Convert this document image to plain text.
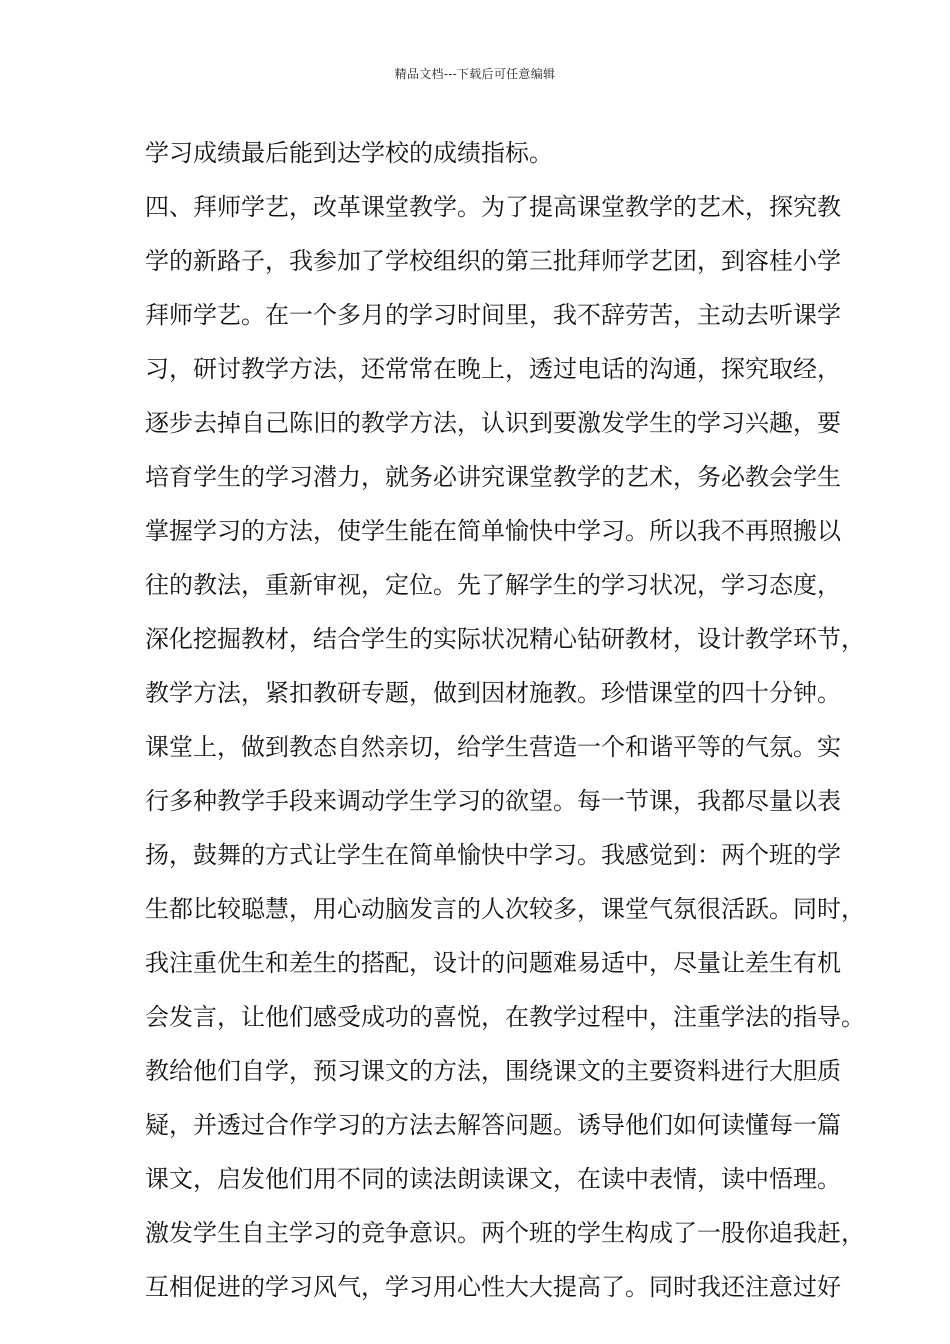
精品文档---下载后可任意编辑
学习成绩最后能到达学校的成绩指标。
四、拜师学艺，改革课堂教学。为了提高课堂教学的艺术，探究教
学的新路子，我参加了学校组织的第三批拜师学艺团，到容桂小学
拜师学艺。在一个多月的学习时间里，我不辞劳苦，主动去听课学
习，研讨教学方法，还常常在晚上，透过电话的沟通，探究取经，
逐步去掉自己陈旧的教学方法，认识到要激发学生的学习兴趣，要
培育学生的学习潜力，就务必讲究课堂教学的艺术，务必教会学生
掌握学习的方法，使学生能在简单愉快中学习。所以我不再照搬以
往的教法，重新审视，定位。先了解学生的学习状况，学习态度，
深化挖掘教材，结合学生的实际状况精心钻研教材，设计教学环节，
教学方法，紧扣教研专题，做到因材施教。珍惜课堂的四十分钟。
课堂上，做到教态自然亲切，给学生营造一个和谐平等的气氛。实
行多种教学手段来调动学生学习的欲望。每一节课，我都尽量以表
扬，鼓舞的方式让学生在简单愉快中学习。我感觉到：两个班的学
生都比较聪慧，用心动脑发言的人次较多，课堂气氛很活跃。同时，
我注重优生和差生的搭配，设计的问题难易适中，尽量让差生有机
会发言，让他们感受成功的喜悦，在教学过程中，注重学法的指导。
教给他们自学，预习课文的方法，围绕课文的主要资料进行大胆质
疑，并透过合作学习的方法去解答问题。诱导他们如何读懂每一篇
课文，启发他们用不同的读法朗读课文，在读中表情，读中悟理。
激发学生自主学习的竞争意识。两个班的学生构成了一股你追我赶，
互相促进的学习风气，学习用心性大大提高了。同时我还注意过好
